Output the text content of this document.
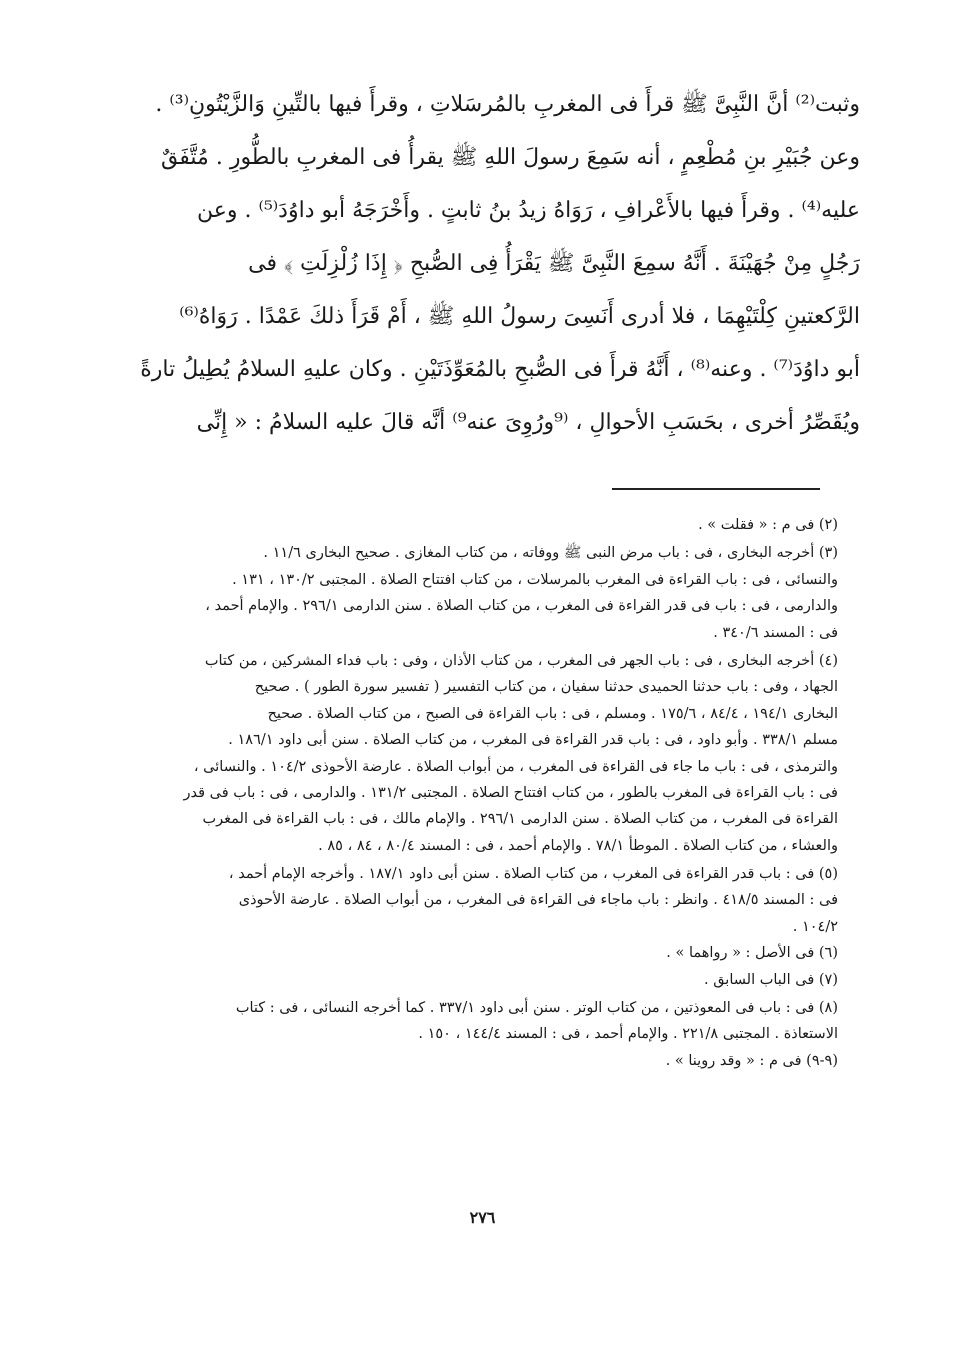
وثبت⁽²⁾ أنَّ النَّبِىَّ ﷺ قرأَ فى المغربِ بالمُرسَلاتِ ، وقرأَ فيها بالتِّينِ وَالزَّيْتُونِ⁽³⁾ .
وعن جُبَيْرِ بنِ مُطْعِمٍ ، أنه سَمِعَ رسولَ اللهِ ﷺ يقرأُ فى المغربِ بالطُّورِ . مُتَّفَقٌ
عليه⁽⁴⁾ . وقرأَ فيها بالأَعْرافِ ، رَوَاهُ زيدُ بنُ ثابتٍ . وأَخْرَجَهُ أبو داوُدَ⁽⁵⁾ . وعن
رَجُلٍ مِنْ جُهَيْنَةَ . أَنَّهُ سمِعَ النَّبِىَّ ﷺ يَقْرَأُ فِى الصُّبحِ ﴿ إِذَا زُلْزِلَتِ ﴾ فى
الرَّكعتينِ كِلْتَيْهِمَا ، فلا أدرى أَنَسِىَ رسولُ اللهِ ﷺ ، أَمْ قَرَأَ ذلكَ عَمْدًا . رَوَاهُ⁽⁶⁾
أبو داوُدَ⁽⁷⁾ . وعنه⁽⁸⁾ ، أَنَّهُ قرأَ فى الصُّبحِ بالمُعَوِّذَتَيْنِ . وكان عليهِ السلامُ يُطِيلُ تارةً
ويُقَصِّرُ أخرى ، بحَسَبِ الأحوالِ ، ⁽⁹ورُوِىَ عنه⁹⁾ أنَّه قالَ عليه السلامُ : « إِنِّى
(٢) فى م : « فقلت » .
(٣) أخرجه البخارى ، فى : باب مرض النبى ﷺ ووفاته ، من كتاب المغازى . صحيح البخارى ١١/٦ .
والنسائى ، فى : باب القراءة فى المغرب بالمرسلات ، من كتاب افتتاح الصلاة . المجتبى ١٣٠/٢ ، ١٣١ .
والدارمى ، فى : باب فى قدر القراءة فى المغرب ، من كتاب الصلاة . سنن الدارمى ٢٩٦/١ . والإمام أحمد ،
فى : المسند ٣٤٠/٦ .
(٤) أخرجه البخارى ، فى : باب الجهر فى المغرب ، من كتاب الأذان ، وفى : باب فداء المشركين ، من كتاب
الجهاد ، وفى : باب حدثنا الحميدى حدثنا سفيان ، من كتاب التفسير ( تفسير سورة الطور ) . صحيح
البخارى ١٩٤/١ ، ٨٤/٤ ، ١٧٥/٦ . ومسلم ، فى : باب القراءة فى الصبح ، من كتاب الصلاة . صحيح
مسلم ٣٣٨/١ . وأبو داود ، فى : باب قدر القراءة فى المغرب ، من كتاب الصلاة . سنن أبى داود ١٨٦/١ .
والترمذى ، فى : باب ما جاء فى القراءة فى المغرب ، من أبواب الصلاة . عارضة الأحوذى ١٠٤/٢ . والنسائى ،
فى : باب القراءة فى المغرب بالطور ، من كتاب افتتاح الصلاة . المجتبى ١٣١/٢ . والدارمى ، فى : باب فى قدر
القراءة فى المغرب ، من كتاب الصلاة . سنن الدارمى ٢٩٦/١ . والإمام مالك ، فى : باب القراءة فى المغرب
والعشاء ، من كتاب الصلاة . الموطأ ٧٨/١ . والإمام أحمد ، فى : المسند ٨٠/٤ ، ٨٤ ، ٨٥ .
(٥) فى : باب قدر القراءة فى المغرب ، من كتاب الصلاة . سنن أبى داود ١٨٧/١ . وأخرجه الإمام أحمد ،
فى : المسند ٤١٨/٥ . وانظر : باب ماجاء فى القراءة فى المغرب ، من أبواب الصلاة . عارضة الأحوذى
١٠٤/٢ .
(٦) فى الأصل : « رواهما » .
(٧) فى الباب السابق .
(٨) فى : باب فى المعوذتين ، من كتاب الوتر . سنن أبى داود ٣٣٧/١ . كما أخرجه النسائى ، فى : كتاب
الاستعاذة . المجتبى ٢٢١/٨ . والإمام أحمد ، فى : المسند ١٤٤/٤ ، ١٥٠ .
(٩-٩) فى م : « وقد روينا » .
٢٧٦
